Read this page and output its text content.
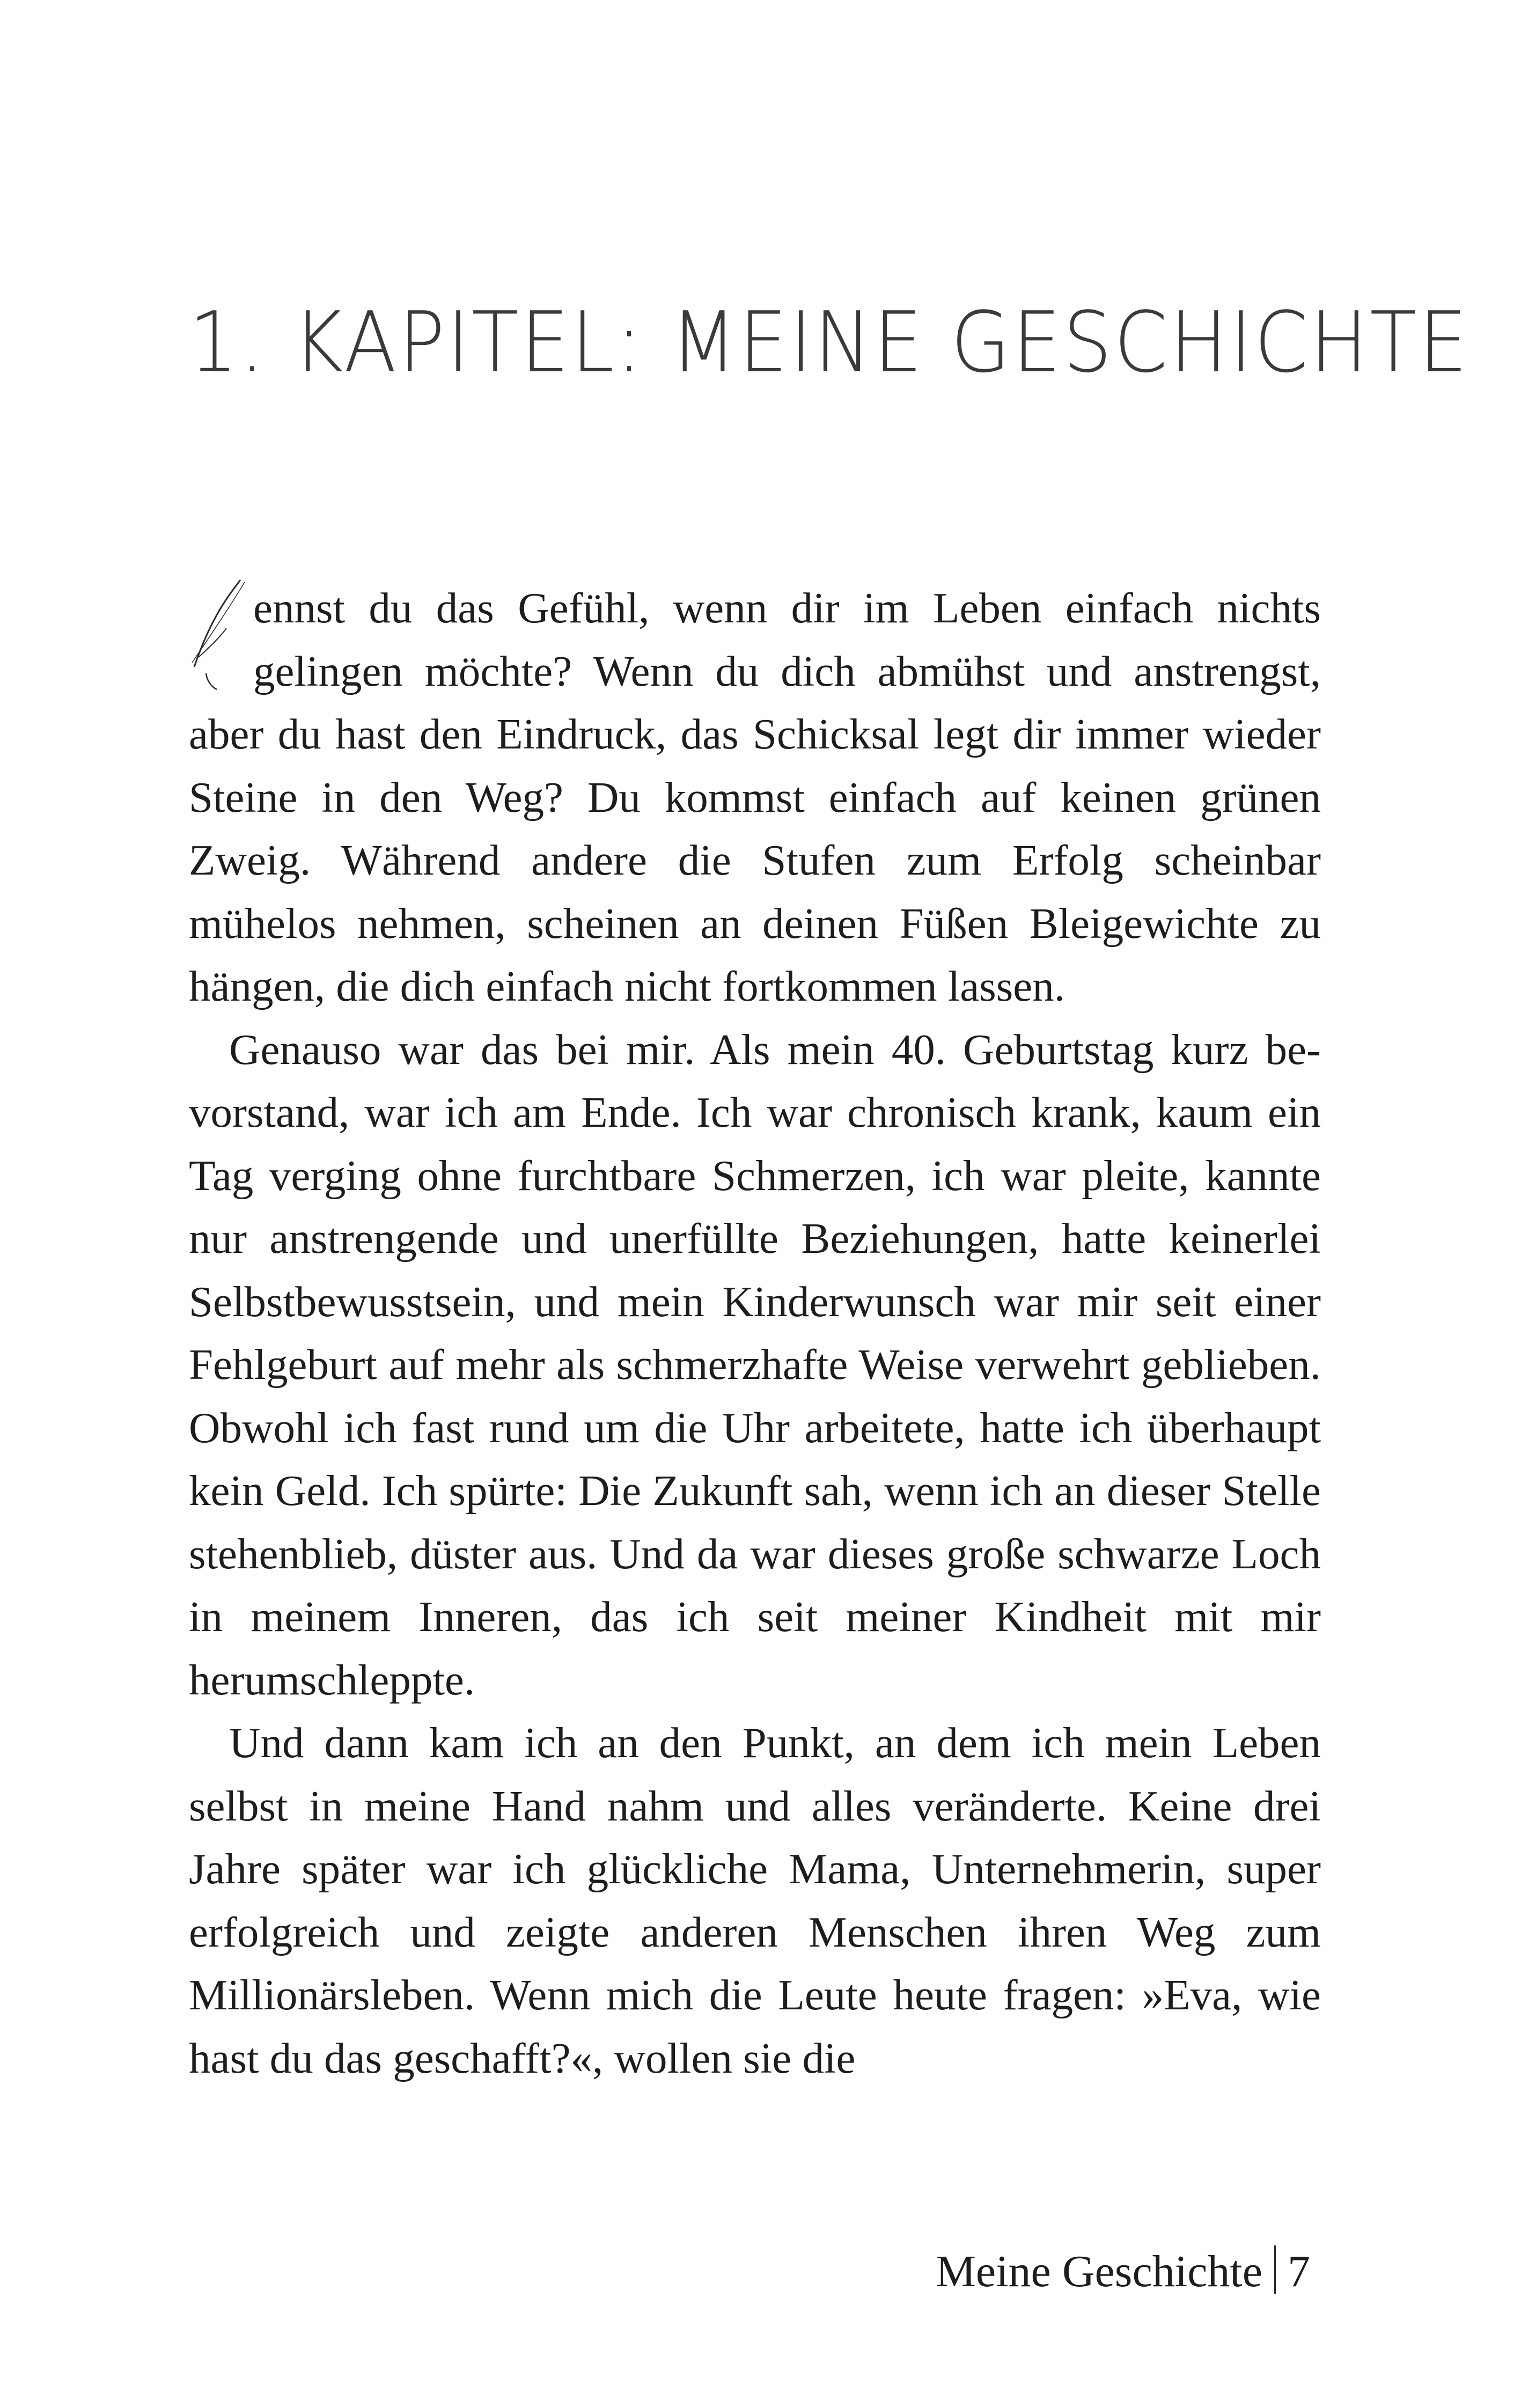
1. KAPITEL: MEINE GESCHICHTE

ennst du das Gefühl, wenn dir im Leben einfach nichts gelingen möchte? Wenn du dich abmühst und anstrengst, aber du hast den Eindruck, das Schicksal legt dir immer wieder Steine in den Weg? Du kommst einfach auf keinen grünen Zweig. Während andere die Stufen zum Erfolg scheinbar mühelos nehmen, scheinen an deinen Füßen Bleigewichte zu hängen, die dich einfach nicht fortkommen lassen.

Genauso war das bei mir. Als mein 40. Geburtstag kurz bevorstand, war ich am Ende. Ich war chronisch krank, kaum ein Tag verging ohne furchtbare Schmerzen, ich war pleite, kannte nur anstrengende und unerfüllte Beziehungen, hatte keinerlei Selbstbewusstsein, und mein Kinderwunsch war mir seit einer Fehlgeburt auf mehr als schmerzhafte Weise verwehrt geblieben. Obwohl ich fast rund um die Uhr arbeitete, hatte ich überhaupt kein Geld. Ich spürte: Die Zukunft sah, wenn ich an dieser Stelle stehenblieb, düster aus. Und da war dieses große schwarze Loch in meinem Inneren, das ich seit meiner Kindheit mit mir herumschleppte.

Und dann kam ich an den Punkt, an dem ich mein Leben selbst in meine Hand nahm und alles veränderte. Keine drei Jahre später war ich glückliche Mama, Unternehmerin, super erfolgreich und zeigte anderen Menschen ihren Weg zum Millionärsleben. Wenn mich die Leute heute fragen: »Eva, wie hast du das geschafft?«, wollen sie die

Meine Geschichte 7
